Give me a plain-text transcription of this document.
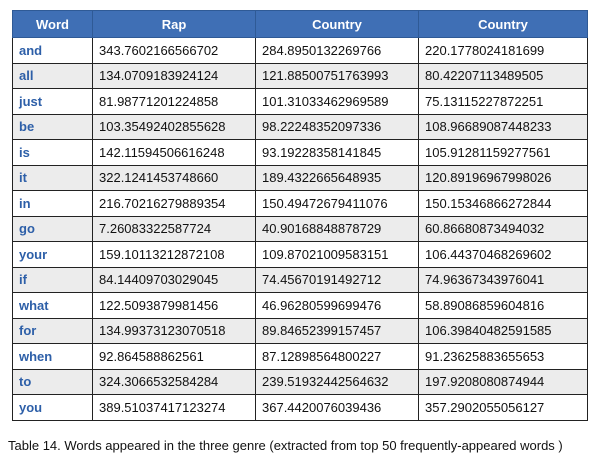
Word	Rap	Country	Country
and	343.7602166566702	284.8950132269766	220.1778024181699
all	134.0709183924124	121.88500751763993	80.42207113489505
just	81.98771201224858	101.31033462969589	75.13115227872251
be	103.35492402855628	98.22248352097336	108.96689087448233
is	142.11594506616248	93.19228358141845	105.91281159277561
it	322.1241453748660	189.4322665648935	120.89196967998026
in	216.70216279889354	150.49472679411076	150.15346866272844
go	7.26083322587724	40.90168848878729	60.86680873494032
your	159.10113212872108	109.87021009583151	106.44370468269602
if	84.14409703029045	74.45670191492712	74.96367343976041
what	122.5093879981456	46.96280599699476	58.89086859604816
for	134.99373123070518	89.84652399157457	106.39840482591585
when	92.864588862561	87.12898564800227	91.23625883655653
to	324.3066532584284	239.51932442564632	197.9208080874944
you	389.51037417123274	367.4420076039436	357.2902055056127
Table 14. Words appeared in the three genre (extracted from top 50 frequently-appeared words )
